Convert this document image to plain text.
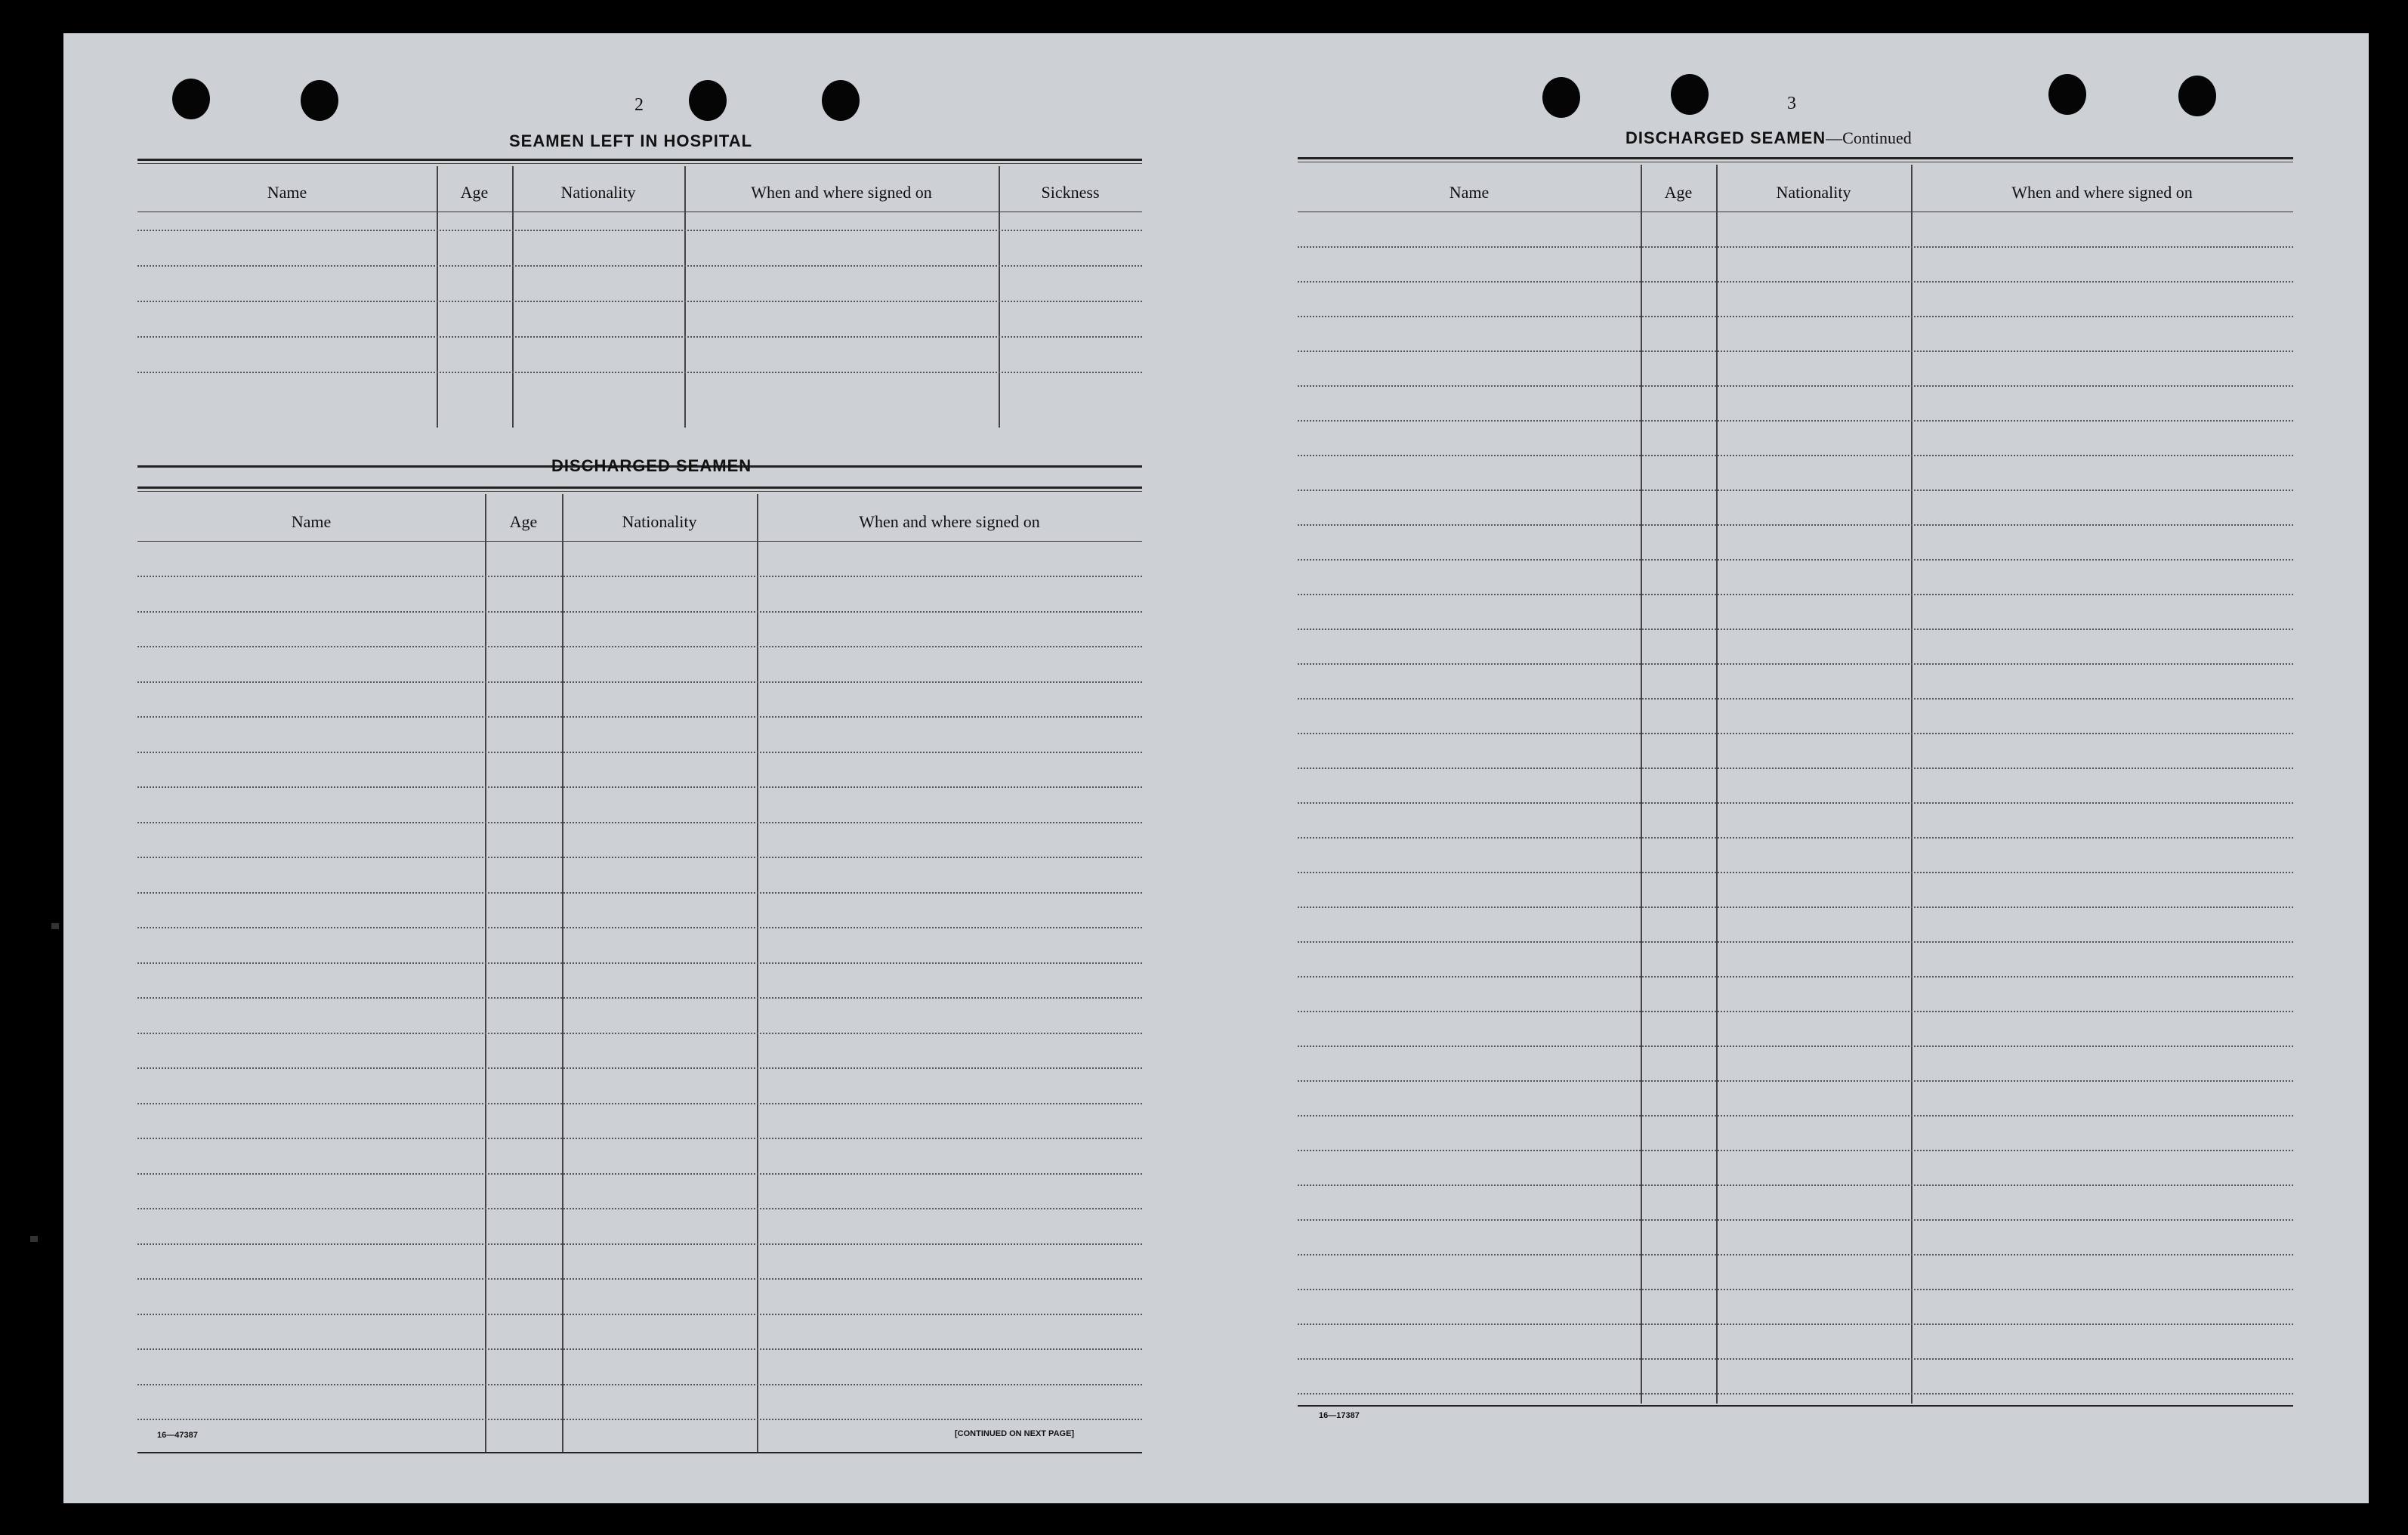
2
SEAMEN LEFT IN HOSPITAL
Name	Age	Nationality	When and where signed on	Sickness
DISCHARGED SEAMEN
Name	Age	Nationality	When and where signed on
16—47387	[CONTINUED ON NEXT PAGE]
3
DISCHARGED SEAMEN—Continued
Name	Age	Nationality	When and where signed on
16—17387
